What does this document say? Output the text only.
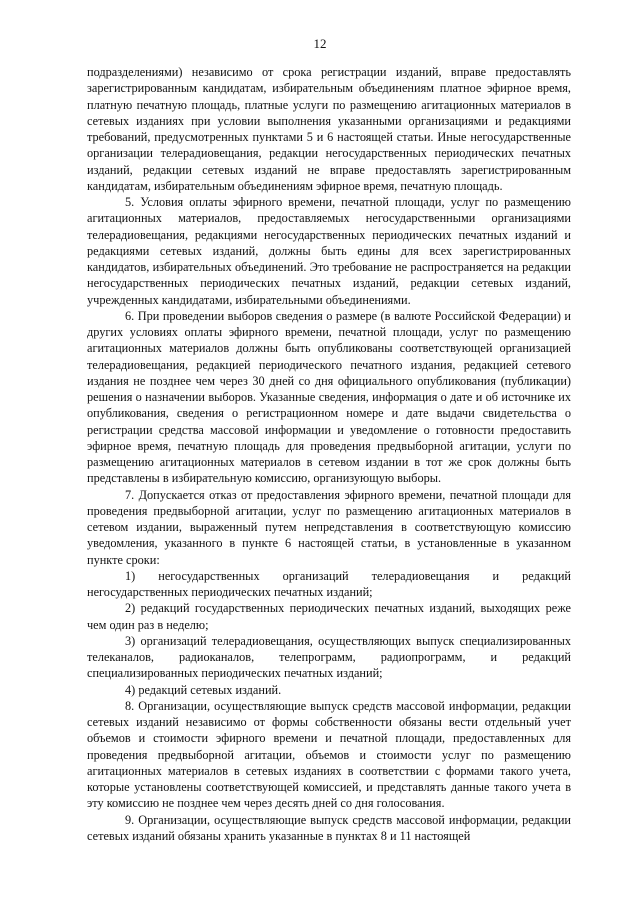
12

подразделениями) независимо от срока регистрации изданий, вправе предоставлять зарегистрированным кандидатам, избирательным объединениям платное эфирное время, платную печатную площадь, платные услуги по размещению агитационных материалов в сетевых изданиях при условии выполнения указанными организациями и редакциями требований, предусмотренных пунктами 5 и 6 настоящей статьи. Иные негосударственные организации телерадиовещания, редакции негосударственных периодических печатных изданий, редакции сетевых изданий не вправе предоставлять зарегистрированным кандидатам, избирательным объединениям эфирное время, печатную площадь.

5. Условия оплаты эфирного времени, печатной площади, услуг по размещению агитационных материалов, предоставляемых негосударственными организациями телерадиовещания, редакциями негосударственных периодических печатных изданий и редакциями сетевых изданий, должны быть едины для всех зарегистрированных кандидатов, избирательных объединений. Это требование не распространяется на редакции негосударственных периодических печатных изданий, редакции сетевых изданий, учрежденных кандидатами, избирательными объединениями.

6. При проведении выборов сведения о размере (в валюте Российской Федерации) и других условиях оплаты эфирного времени, печатной площади, услуг по размещению агитационных материалов должны быть опубликованы соответствующей организацией телерадиовещания, редакцией периодического печатного издания, редакцией сетевого издания не позднее чем через 30 дней со дня официального опубликования (публикации) решения о назначении выборов. Указанные сведения, информация о дате и об источнике их опубликования, сведения о регистрационном номере и дате выдачи свидетельства о регистрации средства массовой информации и уведомление о готовности предоставить эфирное время, печатную площадь для проведения предвыборной агитации, услуги по размещению агитационных материалов в сетевом издании в тот же срок должны быть представлены в избирательную комиссию, организующую выборы.

7. Допускается отказ от предоставления эфирного времени, печатной площади для проведения предвыборной агитации, услуг по размещению агитационных материалов в сетевом издании, выраженный путем непредставления в соответствующую комиссию уведомления, указанного в пункте 6 настоящей статьи, в установленные в указанном пункте сроки:

1) негосударственных организаций телерадиовещания и редакций негосударственных периодических печатных изданий;

2) редакций государственных периодических печатных изданий, выходящих реже чем один раз в неделю;

3) организаций телерадиовещания, осуществляющих выпуск специализированных телеканалов, радиоканалов, телепрограмм, радиопрограмм, и редакций специализированных периодических печатных изданий;

4) редакций сетевых изданий.

8. Организации, осуществляющие выпуск средств массовой информации, редакции сетевых изданий независимо от формы собственности обязаны вести отдельный учет объемов и стоимости эфирного времени и печатной площади, предоставленных для проведения предвыборной агитации, объемов и стоимости услуг по размещению агитационных материалов в сетевых изданиях в соответствии с формами такого учета, которые установлены соответствующей комиссией, и представлять данные такого учета в эту комиссию не позднее чем через десять дней со дня голосования.

9. Организации, осуществляющие выпуск средств массовой информации, редакции сетевых изданий обязаны хранить указанные в пунктах 8 и 11 настоящей
